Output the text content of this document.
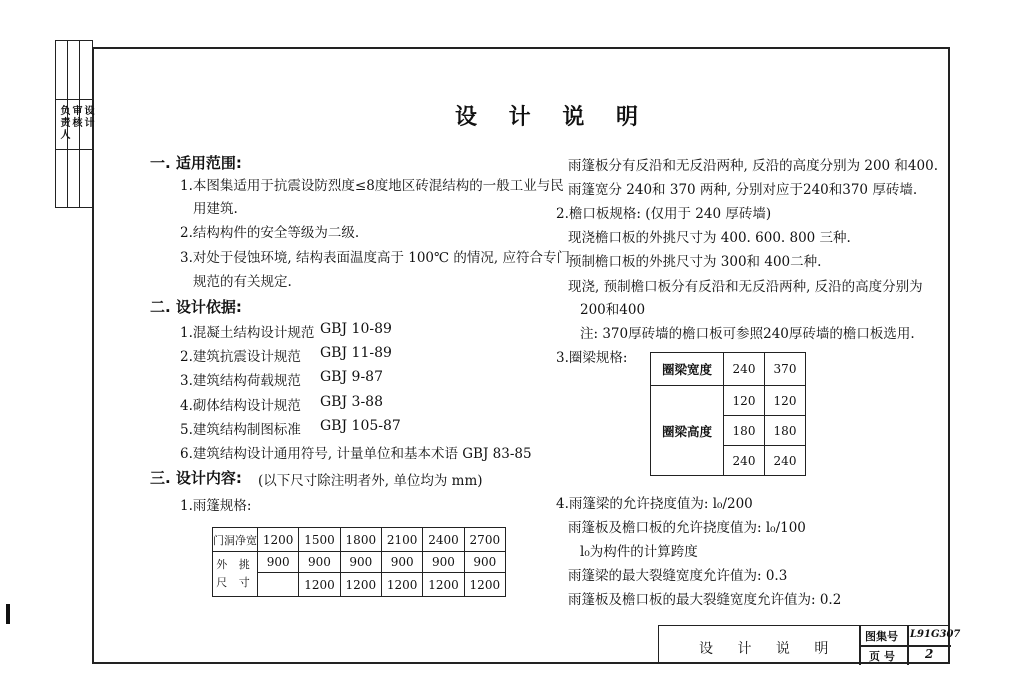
负责人 审核 设计	设 计 说 明
一. 适用范围:
1.本图集适用于抗震设防烈度≤8度地区砖混结构的一般工业与民
用建筑.
2.结构构件的安全等级为二级.
3.对处于侵蚀环境, 结构表面温度高于 100℃ 的情况, 应符合专门
规范的有关规定.
二. 设计依据:
1.混凝土结构设计规范 GBJ 10-89
2.建筑抗震设计规范 GBJ 11-89
3.建筑结构荷载规范 GBJ 9-87
4.砌体结构设计规范 GBJ 3-88
5.建筑结构制图标准 GBJ 105-87
6.建筑结构设计通用符号, 计量单位和基本术语 GBJ 83-85
三. 设计内容: (以下尺寸除注明者外, 单位均为 mm)
1.雨篷规格:
门洞净宽	1200	1500	1800	2100	2400	2700

外 挑
尺 寸	900	900	900	900	900	900
		1200	1200	1200	1200	1200
雨篷板分有反沿和无反沿两种, 反沿的高度分别为 200 和400.
雨篷宽分 240和 370 两种, 分别对应于240和370 厚砖墙.
2.檐口板规格: (仅用于 240 厚砖墙)
现浇檐口板的外挑尺寸为 400. 600. 800 三种.
预制檐口板的外挑尺寸为 300和 400二种.
现浇, 预制檐口板分有反沿和无反沿两种, 反沿的高度分别为
200和400
注: 370厚砖墙的檐口板可参照240厚砖墙的檐口板选用.
3.圈梁规格:
圈梁宽度	240	370
圈梁高度	120	120
	180	180
	240	240
4.雨篷梁的允许挠度值为: l₀/200
雨篷板及檐口板的允许挠度值为: l₀/100
l₀为构件的计算跨度
雨篷梁的最大裂缝宽度允许值为: 0.3
雨篷板及檐口板的最大裂缝宽度允许值为: 0.2
设 计 说 明
图集号 L91G307
页 号	2
